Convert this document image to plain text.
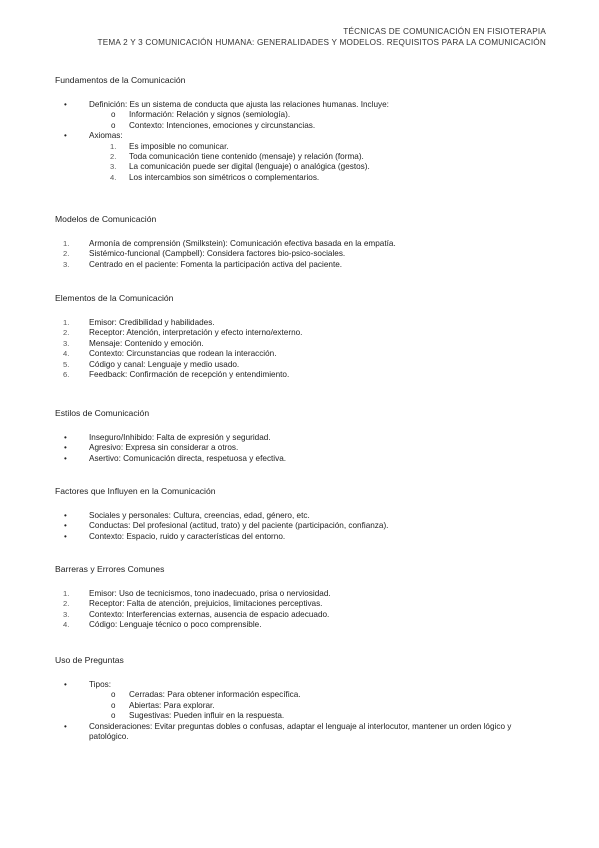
TÉCNICAS DE COMUNICACIÓN EN FISIOTERAPIA
TEMA 2 Y 3 COMUNICACIÓN HUMANA: GENERALIDADES Y MODELOS. REQUISITOS PARA LA COMUNICACIÓN
Fundamentos de la Comunicación
•	Definición: Es un sistema de conducta que ajusta las relaciones humanas. Incluye:
o Información: Relación y signos (semiología).
o Contexto: Intenciones, emociones y circunstancias.
•	Axiomas:
1. Es imposible no comunicar.
2. Toda comunicación tiene contenido (mensaje) y relación (forma).
3. La comunicación puede ser digital (lenguaje) o analógica (gestos).
4. Los intercambios son simétricos o complementarios.
Modelos de Comunicación
1.	Armonía de comprensión (Smilkstein): Comunicación efectiva basada en la empatía.
2.	Sistémico-funcional (Campbell): Considera factores bio-psico-sociales.
3.	Centrado en el paciente: Fomenta la participación activa del paciente.
Elementos de la Comunicación
1.	Emisor: Credibilidad y habilidades.
2.	Receptor: Atención, interpretación y efecto interno/externo.
3.	Mensaje: Contenido y emoción.
4.	Contexto: Circunstancias que rodean la interacción.
5.	Código y canal: Lenguaje y medio usado.
6.	Feedback: Confirmación de recepción y entendimiento.
Estilos de Comunicación
•	Inseguro/Inhibido: Falta de expresión y seguridad.
•	Agresivo: Expresa sin considerar a otros.
•	Asertivo: Comunicación directa, respetuosa y efectiva.
Factores que Influyen en la Comunicación
•	Sociales y personales: Cultura, creencias, edad, género, etc.
•	Conductas: Del profesional (actitud, trato) y del paciente (participación, confianza).
•	Contexto: Espacio, ruido y características del entorno.
Barreras y Errores Comunes
1.	Emisor: Uso de tecnicismos, tono inadecuado, prisa o nerviosidad.
2.	Receptor: Falta de atención, prejuicios, limitaciones perceptivas.
3.	Contexto: Interferencias externas, ausencia de espacio adecuado.
4.	Código: Lenguaje técnico o poco comprensible.
Uso de Preguntas
•	Tipos:
o Cerradas: Para obtener información específica.
o Abiertas: Para explorar.
o Sugestivas: Pueden influir en la respuesta.
•	Consideraciones: Evitar preguntas dobles o confusas, adaptar el lenguaje al interlocutor, mantener un orden lógico y patológico.
